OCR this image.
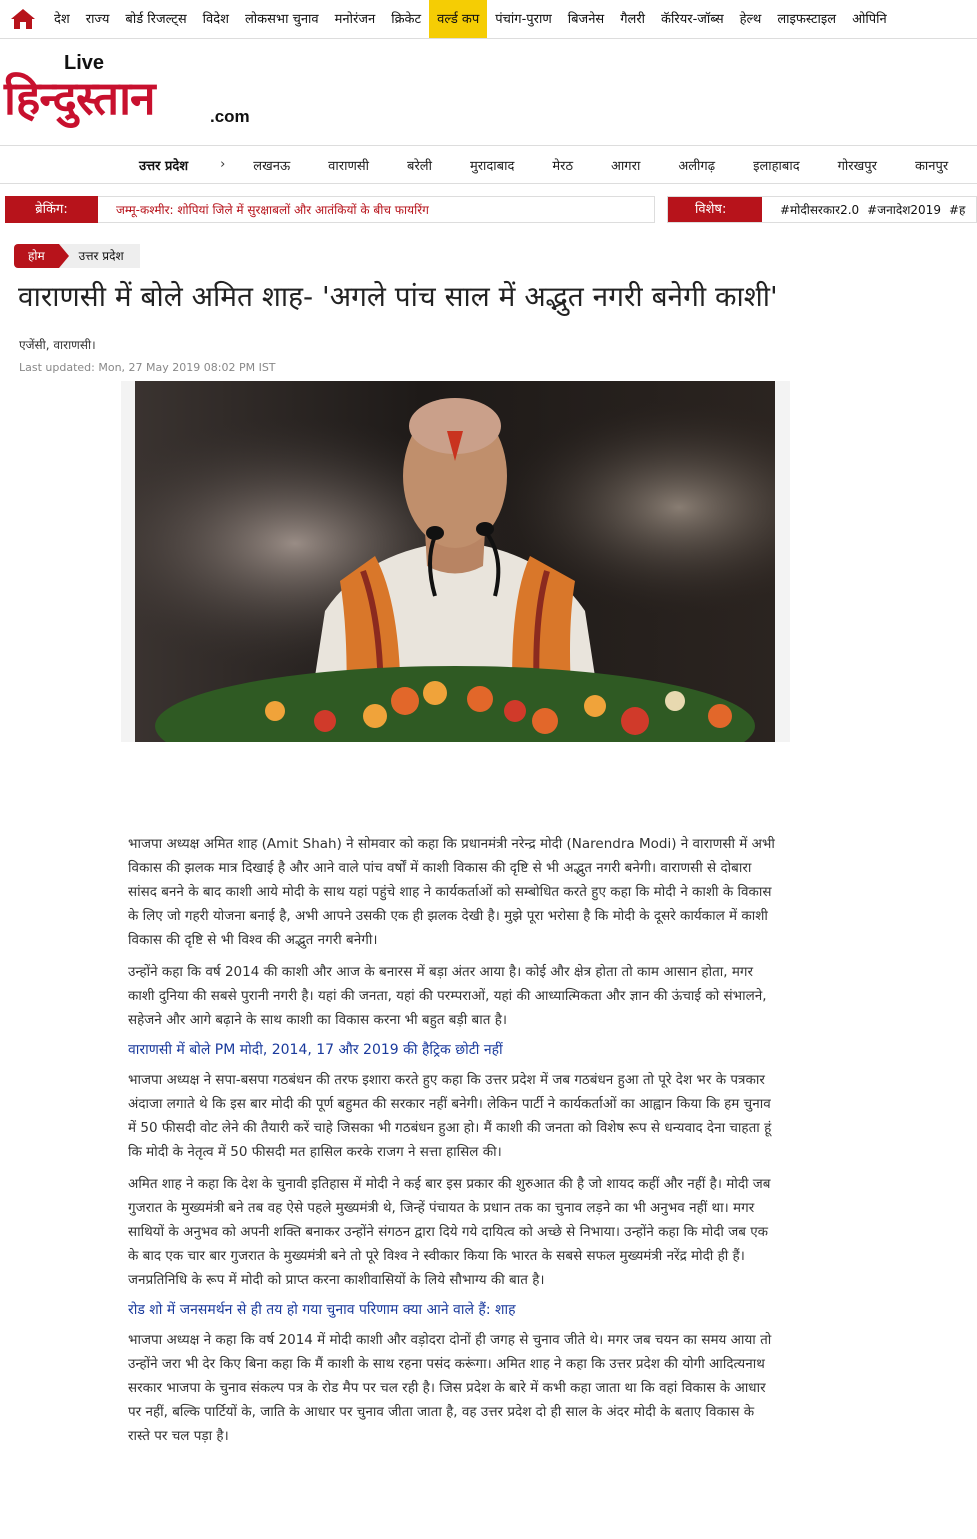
देश	राज्य	बोर्ड रिजल्ट्स	विदेश	लोकसभा चुनाव	मनोरंजन	क्रिकेट	वर्ल्ड कप	पंचांग-पुराण	बिजनेस	गैलरी	कॅरियर-जॉब्स	हेल्थ	लाइफस्टाइल	ओपिनि
Live
हिन्दुस्तान	.com
उत्तर प्रदेश › लखनऊ	वाराणसी	बरेली	मुरादाबाद	मेरठ	आगरा	अलीगढ़	इलाहाबाद	गोरखपुर	कानपुर
ब्रेकिंग:	जम्मू-कश्मीर: शोपियां जिले में सुरक्षाबलों और आतंकियों के बीच फायरिंग	विशेष:	#मोदीसरकार2.0 #जनादेश2019 #ह
होम	उत्तर प्रदेश
वाराणसी में बोले अमित शाह- 'अगले पांच साल में अद्भुत नगरी बनेगी काशी'
एजेंसी, वाराणसी।
Last updated: Mon, 27 May 2019 08:02 PM IST

भाजपा अध्यक्ष अमित शाह (Amit Shah) ने सोमवार को कहा कि प्रधानमंत्री नरेन्द्र मोदी (Narendra Modi) ने वाराणसी में अभी विकास की झलक मात्र दिखाई है और आने वाले पांच वर्षों में काशी विकास की दृष्टि से भी अद्भुत नगरी बनेगी। वाराणसी से दोबारा सांसद बनने के बाद काशी आये मोदी के साथ यहां पहुंचे शाह ने कार्यकर्ताओं को सम्बोधित करते हुए कहा कि मोदी ने काशी के विकास के लिए जो गहरी योजना बनाई है, अभी आपने उसकी एक ही झलक देखी है। मुझे पूरा भरोसा है कि मोदी के दूसरे कार्यकाल में काशी विकास की दृष्टि से भी विश्व की अद्भुत नगरी बनेगी।

उन्होंने कहा कि वर्ष 2014 की काशी और आज के बनारस में बड़ा अंतर आया है। कोई और क्षेत्र होता तो काम आसान होता, मगर काशी दुनिया की सबसे पुरानी नगरी है। यहां की जनता, यहां की परम्पराओं, यहां की आध्यात्मिकता और ज्ञान की ऊंचाई को संभालने, सहेजने और आगे बढ़ाने के साथ काशी का विकास करना भी बहुत बड़ी बात है।

वाराणसी में बोले PM मोदी, 2014, 17 और 2019 की हैट्रिक छोटी नहीं

भाजपा अध्यक्ष ने सपा-बसपा गठबंधन की तरफ इशारा करते हुए कहा कि उत्तर प्रदेश में जब गठबंधन हुआ तो पूरे देश भर के पत्रकार अंदाजा लगाते थे कि इस बार मोदी की पूर्ण बहुमत की सरकार नहीं बनेगी। लेकिन पार्टी ने कार्यकर्ताओं का आह्वान किया कि हम चुनाव में 50 फीसदी वोट लेने की तैयारी करें चाहे जिसका भी गठबंधन हुआ हो। मैं काशी की जनता को विशेष रूप से धन्यवाद देना चाहता हूं कि मोदी के नेतृत्व में 50 फीसदी मत हासिल करके राजग ने सत्ता हासिल की।

अमित शाह ने कहा कि देश के चुनावी इतिहास में मोदी ने कई बार इस प्रकार की शुरुआत की है जो शायद कहीं और नहीं है। मोदी जब गुजरात के मुख्यमंत्री बने तब वह ऐसे पहले मुख्यमंत्री थे, जिन्हें पंचायत के प्रधान तक का चुनाव लड़ने का भी अनुभव नहीं था। मगर साथियों के अनुभव को अपनी शक्ति बनाकर उन्होंने संगठन द्वारा दिये गये दायित्व को अच्छे से निभाया। उन्होंने कहा कि मोदी जब एक के बाद एक चार बार गुजरात के मुख्यमंत्री बने तो पूरे विश्व ने स्वीकार किया कि भारत के सबसे सफल मुख्यमंत्री नरेंद्र मोदी ही हैं। जनप्रतिनिधि के रूप में मोदी को प्राप्त करना काशीवासियों के लिये सौभाग्य की बात है।

रोड शो में जनसमर्थन से ही तय हो गया चुनाव परिणाम क्या आने वाले हैं: शाह

भाजपा अध्यक्ष ने कहा कि वर्ष 2014 में मोदी काशी और वड़ोदरा दोनों ही जगह से चुनाव जीते थे। मगर जब चयन का समय आया तो उन्होंने जरा भी देर किए बिना कहा कि मैं काशी के साथ रहना पसंद करूंगा। अमित शाह ने कहा कि उत्तर प्रदेश की योगी आदित्यनाथ सरकार भाजपा के चुनाव संकल्प पत्र के रोड मैप पर चल रही है। जिस प्रदेश के बारे में कभी कहा जाता था कि वहां विकास के आधार पर नहीं, बल्कि पार्टियों के, जाति के आधार पर चुनाव जीता जाता है, वह उत्तर प्रदेश दो ही साल के अंदर मोदी के बताए विकास के रास्ते पर चल पड़ा है।
